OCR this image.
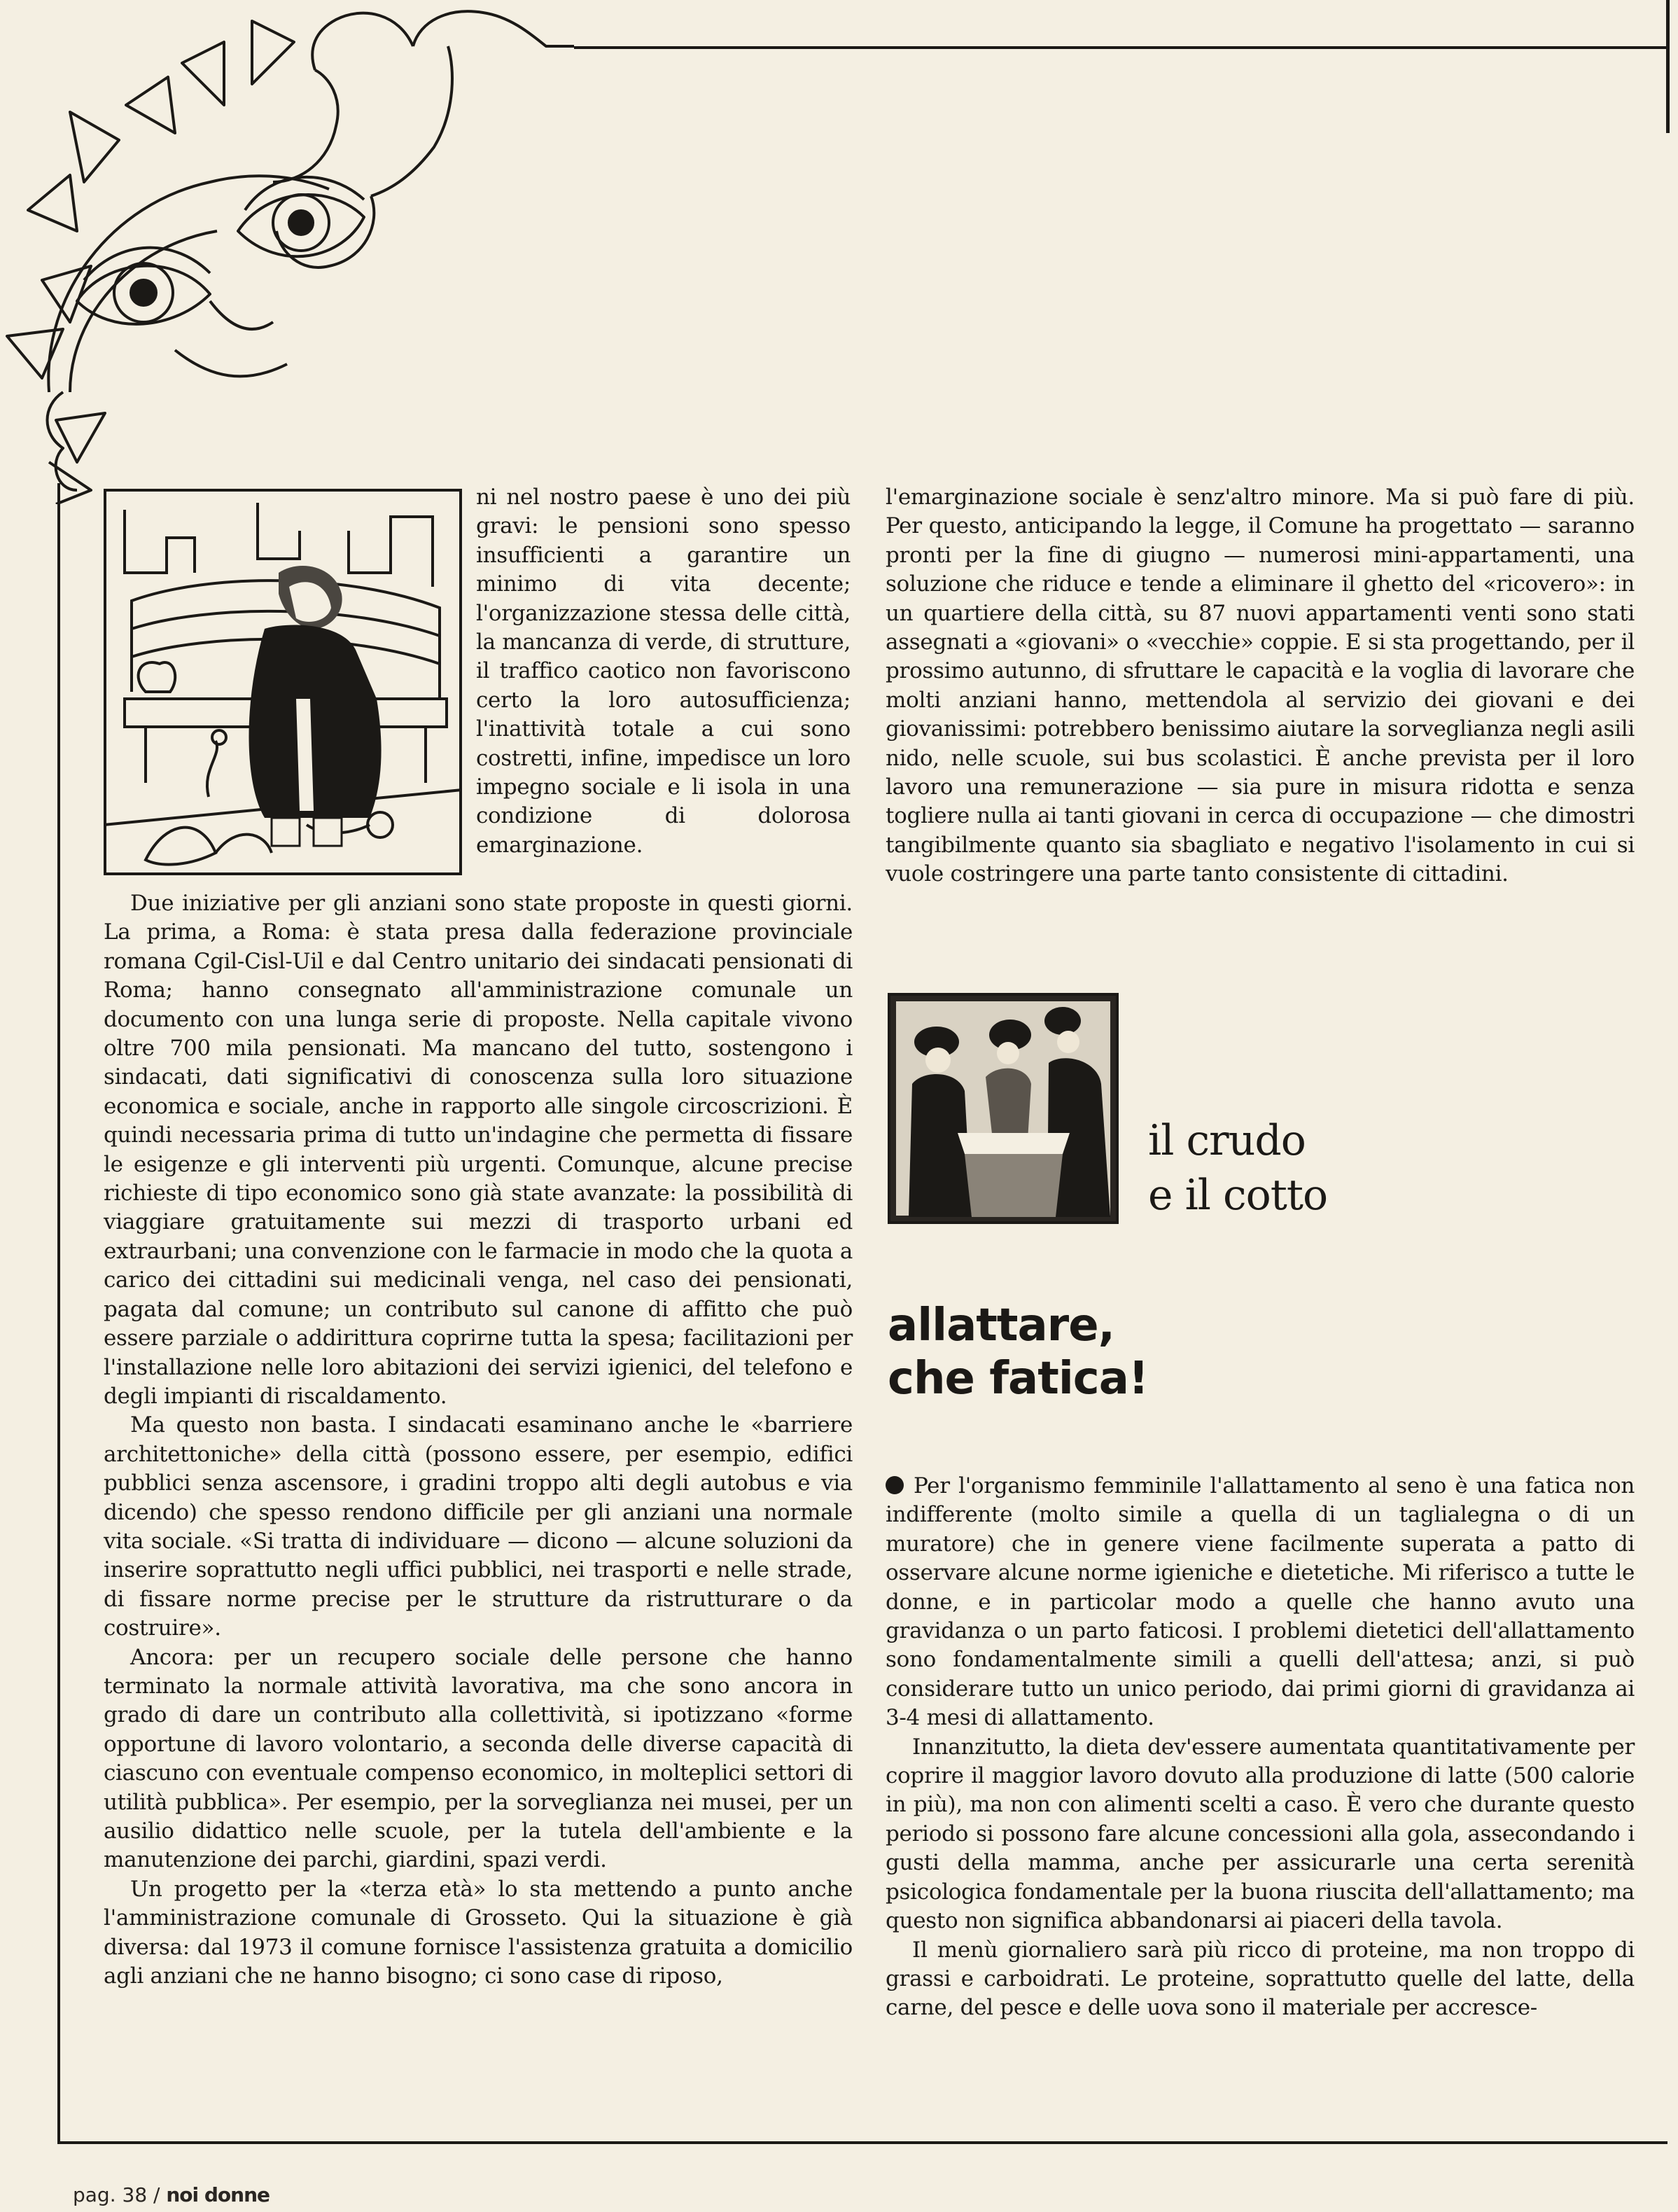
ni nel nostro paese è uno dei più gravi: le pensioni sono spesso insufficienti a garantire un minimo di vita decente; l'organizzazione stessa delle città, la mancanza di verde, di strutture, il traffico caotico non favoriscono certo la loro autosufficienza; l'inattività totale a cui sono costretti, infine, impedisce un loro impegno sociale e li isola in una condizione di dolorosa emarginazione.

Due iniziative per gli anziani sono state proposte in questi giorni. La prima, a Roma: è stata presa dalla federazione provinciale romana Cgil-Cisl-Uil e dal Centro unitario dei sindacati pensionati di Roma; hanno consegnato all'amministrazione comunale un documento con una lunga serie di proposte. Nella capitale vivono oltre 700 mila pensionati. Ma mancano del tutto, sostengono i sindacati, dati significativi di conoscenza sulla loro situazione economica e sociale, anche in rapporto alle singole circoscrizioni. È quindi necessaria prima di tutto un'indagine che permetta di fissare le esigenze e gli interventi più urgenti. Comunque, alcune precise richieste di tipo economico sono già state avanzate: la possibilità di viaggiare gratuitamente sui mezzi di trasporto urbani ed extraurbani; una convenzione con le farmacie in modo che la quota a carico dei cittadini sui medicinali venga, nel caso dei pensionati, pagata dal comune; un contributo sul canone di affitto che può essere parziale o addirittura coprirne tutta la spesa; facilitazioni per l'installazione nelle loro abitazioni dei servizi igienici, del telefono e degli impianti di riscaldamento.

Ma questo non basta. I sindacati esaminano anche le «barriere architettoniche» della città (possono essere, per esempio, edifici pubblici senza ascensore, i gradini troppo alti degli autobus e via dicendo) che spesso rendono difficile per gli anziani una normale vita sociale. «Si tratta di individuare — dicono — alcune soluzioni da inserire soprattutto negli uffici pubblici, nei trasporti e nelle strade, di fissare norme precise per le strutture da ristrutturare o da costruire».

Ancora: per un recupero sociale delle persone che hanno terminato la normale attività lavorativa, ma che sono ancora in grado di dare un contributo alla collettività, si ipotizzano «forme opportune di lavoro volontario, a seconda delle diverse capacità di ciascuno con eventuale compenso economico, in molteplici settori di utilità pubblica». Per esempio, per la sorveglianza nei musei, per un ausilio didattico nelle scuole, per la tutela dell'ambiente e la manutenzione dei parchi, giardini, spazi verdi.

Un progetto per la «terza età» lo sta mettendo a punto anche l'amministrazione comunale di Grosseto. Qui la situazione è già diversa: dal 1973 il comune fornisce l'assistenza gratuita a domicilio agli anziani che ne hanno bisogno; ci sono case di riposo,

l'emarginazione sociale è senz'altro minore. Ma si può fare di più. Per questo, anticipando la legge, il Comune ha progettato — saranno pronti per la fine di giugno — numerosi mini-appartamenti, una soluzione che riduce e tende a eliminare il ghetto del «ricovero»: in un quartiere della città, su 87 nuovi appartamenti venti sono stati assegnati a «giovani» o «vecchie» coppie. E si sta progettando, per il prossimo autunno, di sfruttare le capacità e la voglia di lavorare che molti anziani hanno, mettendola al servizio dei giovani e dei giovanissimi: potrebbero benissimo aiutare la sorveglianza negli asili nido, nelle scuole, sui bus scolastici. È anche prevista per il loro lavoro una remunerazione — sia pure in misura ridotta e senza togliere nulla ai tanti giovani in cerca di occupazione — che dimostri tangibilmente quanto sia sbagliato e negativo l'isolamento in cui si vuole costringere una parte tanto consistente di cittadini.

il crudo
e il cotto
allattare,
che fatica!

Per l'organismo femminile l'allattamento al seno è una fatica non indifferente (molto simile a quella di un taglialegna o di un muratore) che in genere viene facilmente superata a patto di osservare alcune norme igieniche e dietetiche. Mi riferisco a tutte le donne, e in particolar modo a quelle che hanno avuto una gravidanza o un parto faticosi. I problemi dietetici dell'allattamento sono fondamentalmente simili a quelli dell'attesa; anzi, si può considerare tutto un unico periodo, dai primi giorni di gravidanza ai 3-4 mesi di allattamento.

Innanzitutto, la dieta dev'essere aumentata quantitativamente per coprire il maggior lavoro dovuto alla produzione di latte (500 calorie in più), ma non con alimenti scelti a caso. È vero che durante questo periodo si possono fare alcune concessioni alla gola, assecondando i gusti della mamma, anche per assicurarle una certa serenità psicologica fondamentale per la buona riuscita dell'allattamento; ma questo non significa abbandonarsi ai piaceri della tavola.

Il menù giornaliero sarà più ricco di proteine, ma non troppo di grassi e carboidrati. Le proteine, soprattutto quelle del latte, della carne, del pesce e delle uova sono il materiale per accresce-

pag. 38 / noi donne
